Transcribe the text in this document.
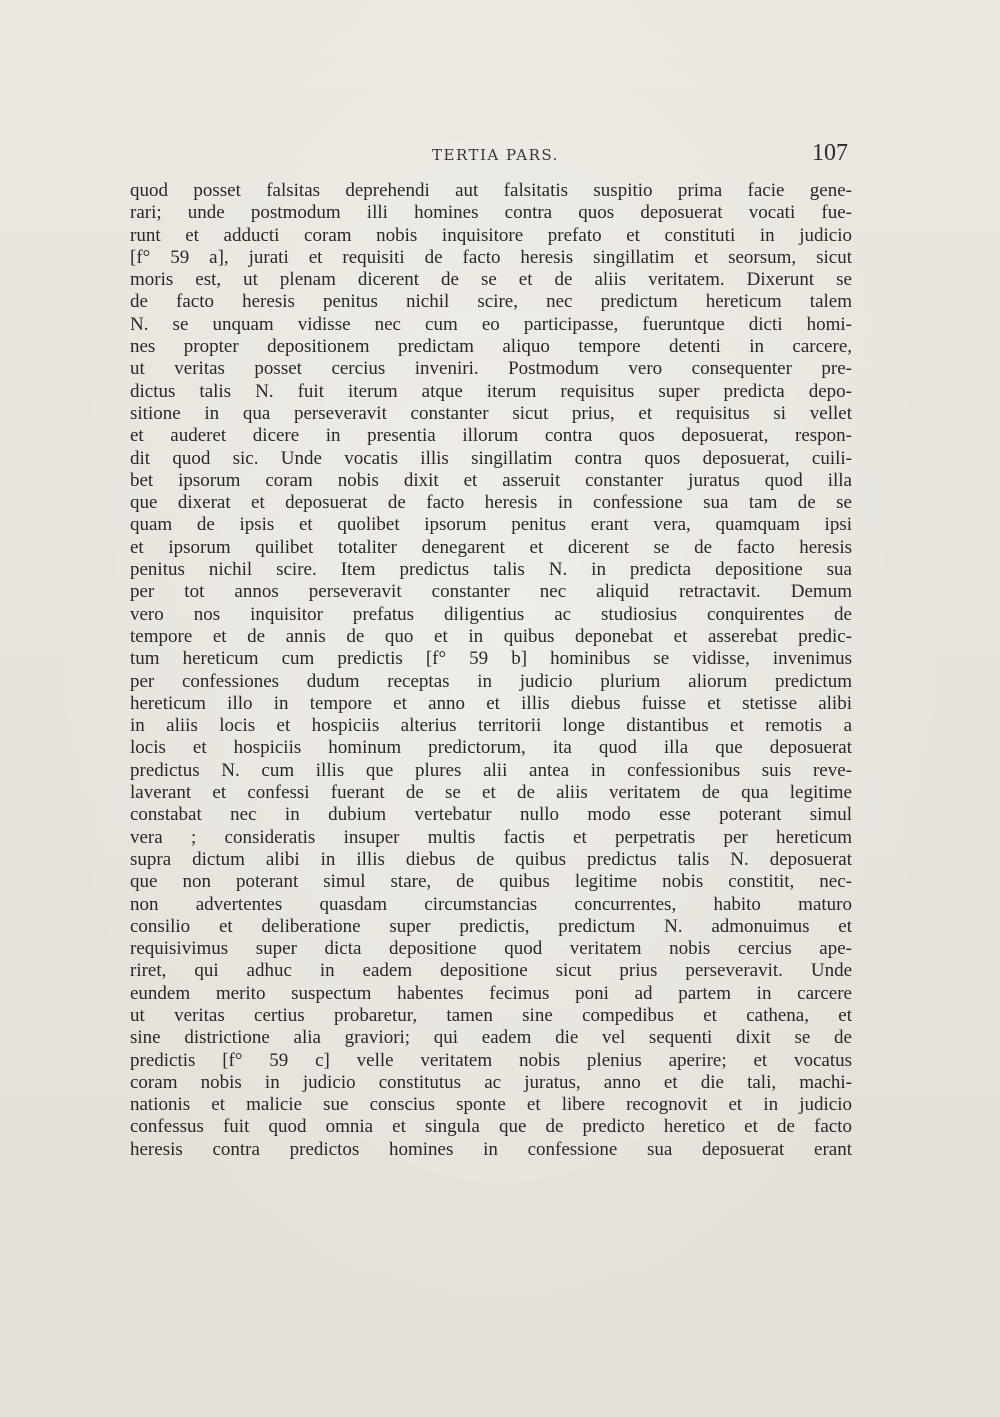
TERTIA PARS.	107
quod posset falsitas deprehendi aut falsitatis suspitio prima facie gene-
rari; unde postmodum illi homines contra quos deposuerat vocati fue-
runt et adducti coram nobis inquisitore prefato et constituti in judicio
[f° 59 a], jurati et requisiti de facto heresis singillatim et seorsum, sicut
moris est, ut plenam dicerent de se et de aliis veritatem. Dixerunt se
de facto heresis penitus nichil scire, nec predictum hereticum talem
N. se unquam vidisse nec cum eo participasse, fueruntque dicti homi-
nes propter depositionem predictam aliquo tempore detenti in carcere,
ut veritas posset cercius inveniri. Postmodum vero consequenter pre-
dictus talis N. fuit iterum atque iterum requisitus super predicta depo-
sitione in qua perseveravit constanter sicut prius, et requisitus si vellet
et auderet dicere in presentia illorum contra quos deposuerat, respon-
dit quod sic. Unde vocatis illis singillatim contra quos deposuerat, cuili-
bet ipsorum coram nobis dixit et asseruit constanter juratus quod illa
que dixerat et deposuerat de facto heresis in confessione sua tam de se
quam de ipsis et quolibet ipsorum penitus erant vera, quamquam ipsi
et ipsorum quilibet totaliter denegarent et dicerent se de facto heresis
penitus nichil scire. Item predictus talis N. in predicta depositione sua
per tot annos perseveravit constanter nec aliquid retractavit. Demum
vero nos inquisitor prefatus diligentius ac studiosius conquirentes de
tempore et de annis de quo et in quibus deponebat et asserebat predic-
tum hereticum cum predictis [f° 59 b] hominibus se vidisse, invenimus
per confessiones dudum receptas in judicio plurium aliorum predictum
hereticum illo in tempore et anno et illis diebus fuisse et stetisse alibi
in aliis locis et hospiciis alterius territorii longe distantibus et remotis a
locis et hospiciis hominum predictorum, ita quod illa que deposuerat
predictus N. cum illis que plures alii antea in confessionibus suis reve-
laverant et confessi fuerant de se et de aliis veritatem de qua legitime
constabat nec in dubium vertebatur nullo modo esse poterant simul
vera ; consideratis insuper multis factis et perpetratis per hereticum
supra dictum alibi in illis diebus de quibus predictus talis N. deposuerat
que non poterant simul stare, de quibus legitime nobis constitit, nec-
non advertentes quasdam circumstancias concurrentes, habito maturo
consilio et deliberatione super predictis, predictum N. admonuimus et
requisivimus super dicta depositione quod veritatem nobis cercius ape-
riret, qui adhuc in eadem depositione sicut prius perseveravit. Unde
eundem merito suspectum habentes fecimus poni ad partem in carcere
ut veritas certius probaretur, tamen sine compedibus et cathena, et
sine districtione alia graviori; qui eadem die vel sequenti dixit se de
predictis [f° 59 c] velle veritatem nobis plenius aperire; et vocatus
coram nobis in judicio constitutus ac juratus, anno et die tali, machi-
nationis et malicie sue conscius sponte et libere recognovit et in judicio
confessus fuit quod omnia et singula que de predicto heretico et de facto
heresis contra predictos homines in confessione sua deposuerat erant
